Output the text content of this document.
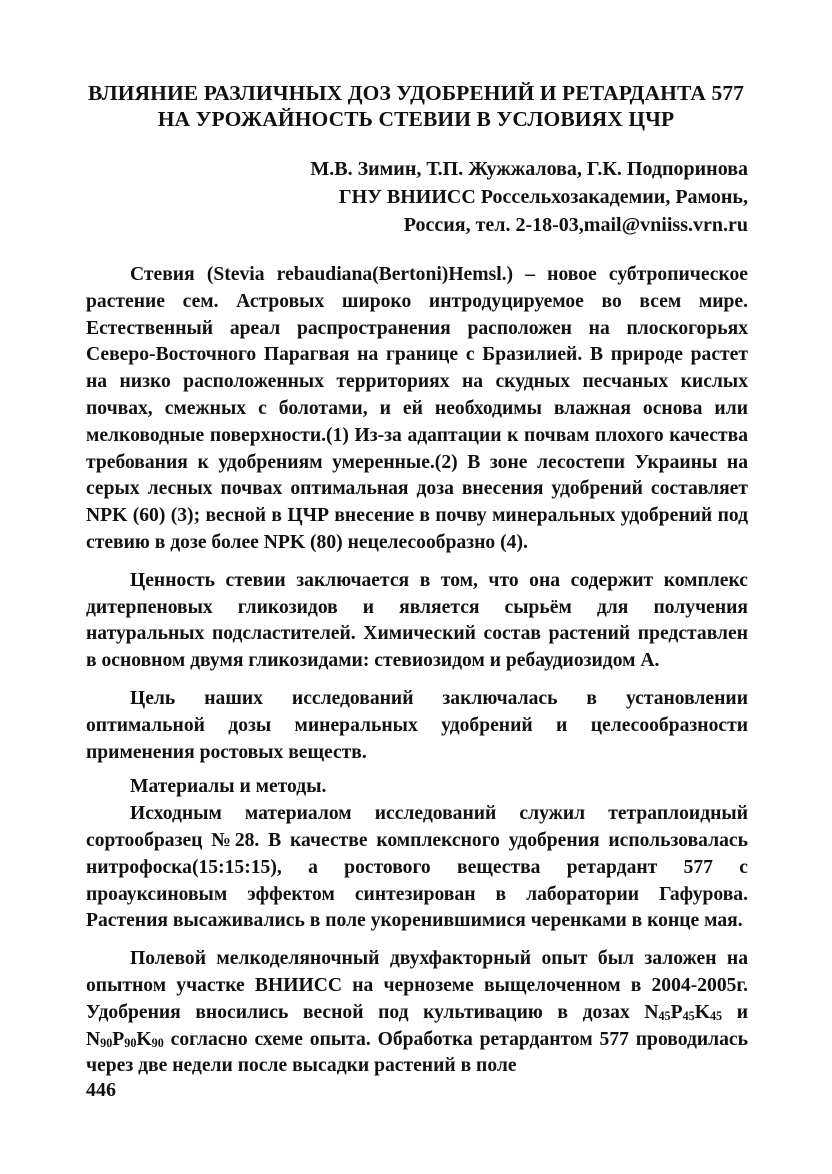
ВЛИЯНИЕ РАЗЛИЧНЫХ ДОЗ УДОБРЕНИЙ И РЕТАРДАНТА 577
НА УРОЖАЙНОСТЬ СТЕВИИ В УСЛОВИЯХ ЦЧР
М.В. Зимин, Т.П. Жужжалова, Г.К. Подпоринова
ГНУ ВНИИСС Россельхозакадемии, Рамонь,
Россия, тел. 2-18-03,mail@vniiss.vrn.ru

Стевия (Stevia rebaudiana(Bertoni)Hemsl.) – новое субтропическое растение сем. Астровых широко интродуцируемое во всем мире. Естественный ареал распространения расположен на плоскогорьях Северо-Восточного Парагвая на границе с Бразилией. В природе растет на низко расположенных территориях на скудных песчаных кислых почвах, смежных с болотами, и ей необходимы влажная основа или мелководные поверхности.(1) Из-за адаптации к почвам плохого качества требования к удобрениям умеренные.(2) В зоне лесостепи Украины на серых лесных почвах оптимальная доза внесения удобрений составляет NPK (60) (3); весной в ЦЧР внесение в почву минеральных удобрений под стевию в дозе более NPK (80) нецелесообразно (4).

Ценность стевии заключается в том, что она содержит комплекс дитерпеновых гликозидов и является сырьём для получения натуральных подсластителей. Химический состав растений представлен в основном двумя гликозидами: стевиозидом и ребаудиозидом А.

Цель наших исследований заключалась в установлении оптимальной дозы минеральных удобрений и целесообразности применения ростовых веществ.

Материалы и методы.

Исходным материалом исследований служил тетраплоидный сортообразец №28. В качестве комплексного удобрения использовалась нитрофоска(15:15:15), а ростового вещества ретардант 577 с проауксиновым эффектом синтезирован в лаборатории Гафурова. Растения высаживались в поле укоренившимися черенками в конце мая.

Полевой мелкоделяночный двухфакторный опыт был заложен на опытном участке ВНИИСС на черноземе выщелоченном в 2004-2005г. Удобрения вносились весной под культивацию в дозах $N_{45}P_{45}K_{45}$ и $N_{90}P_{90}K_{90}$ согласно схеме опыта. Обработка ретардантом 577 проводилась через две недели после высадки растений в поле

446
